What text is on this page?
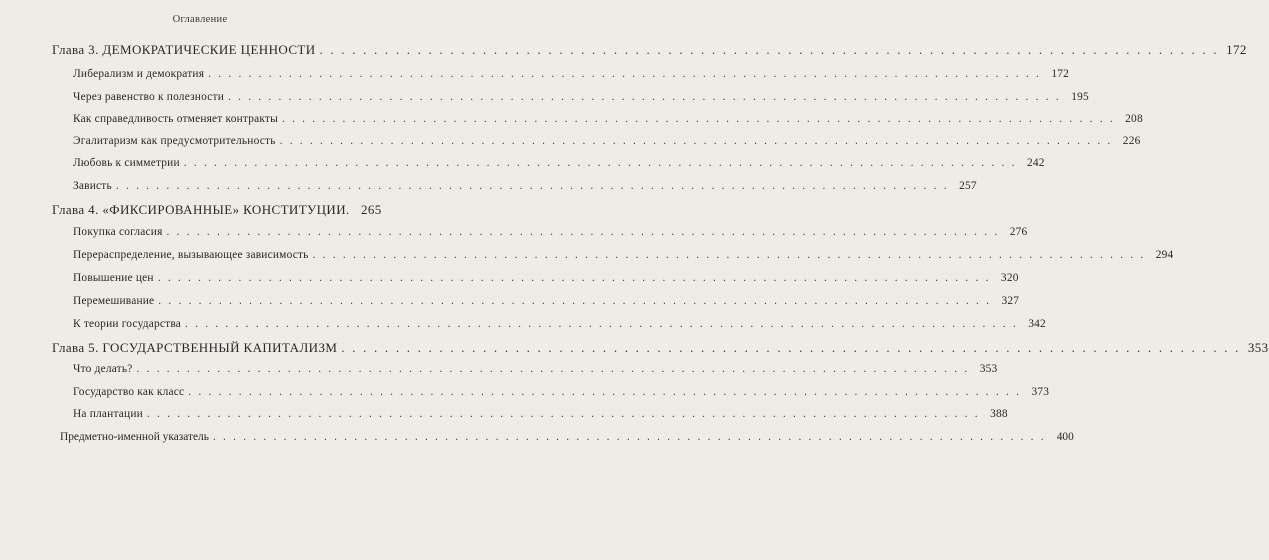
Оглавление
Глава 3. ДЕМОКРАТИЧЕСКИЕ ЦЕННОСТИ . . .	172
Либерализм и демократия . . .	172
Через равенство к полезности . . .	195
Как справедливость отменяет контракты . . .	208
Эгалитаризм как предусмотрительность . . .	226
Любовь к симметрии . . .	242
Зависть . . .	257
Глава 4. «ФИКСИРОВАННЫЕ» КОНСТИТУЦИИ. 265
Покупка согласия . . .	276
Перераспределение, вызывающее зависимость . . .	294
Повышение цен . . .	320
Перемешивание . . .	327
К теории государства . . .	342
Глава 5. ГОСУДАРСТВЕННЫЙ КАПИТАЛИЗМ . . .	353
Что делать? . . .	353
Государство как класс . . .	373
На плантации . . .	388
Предметно-именной указатель . . .	400
